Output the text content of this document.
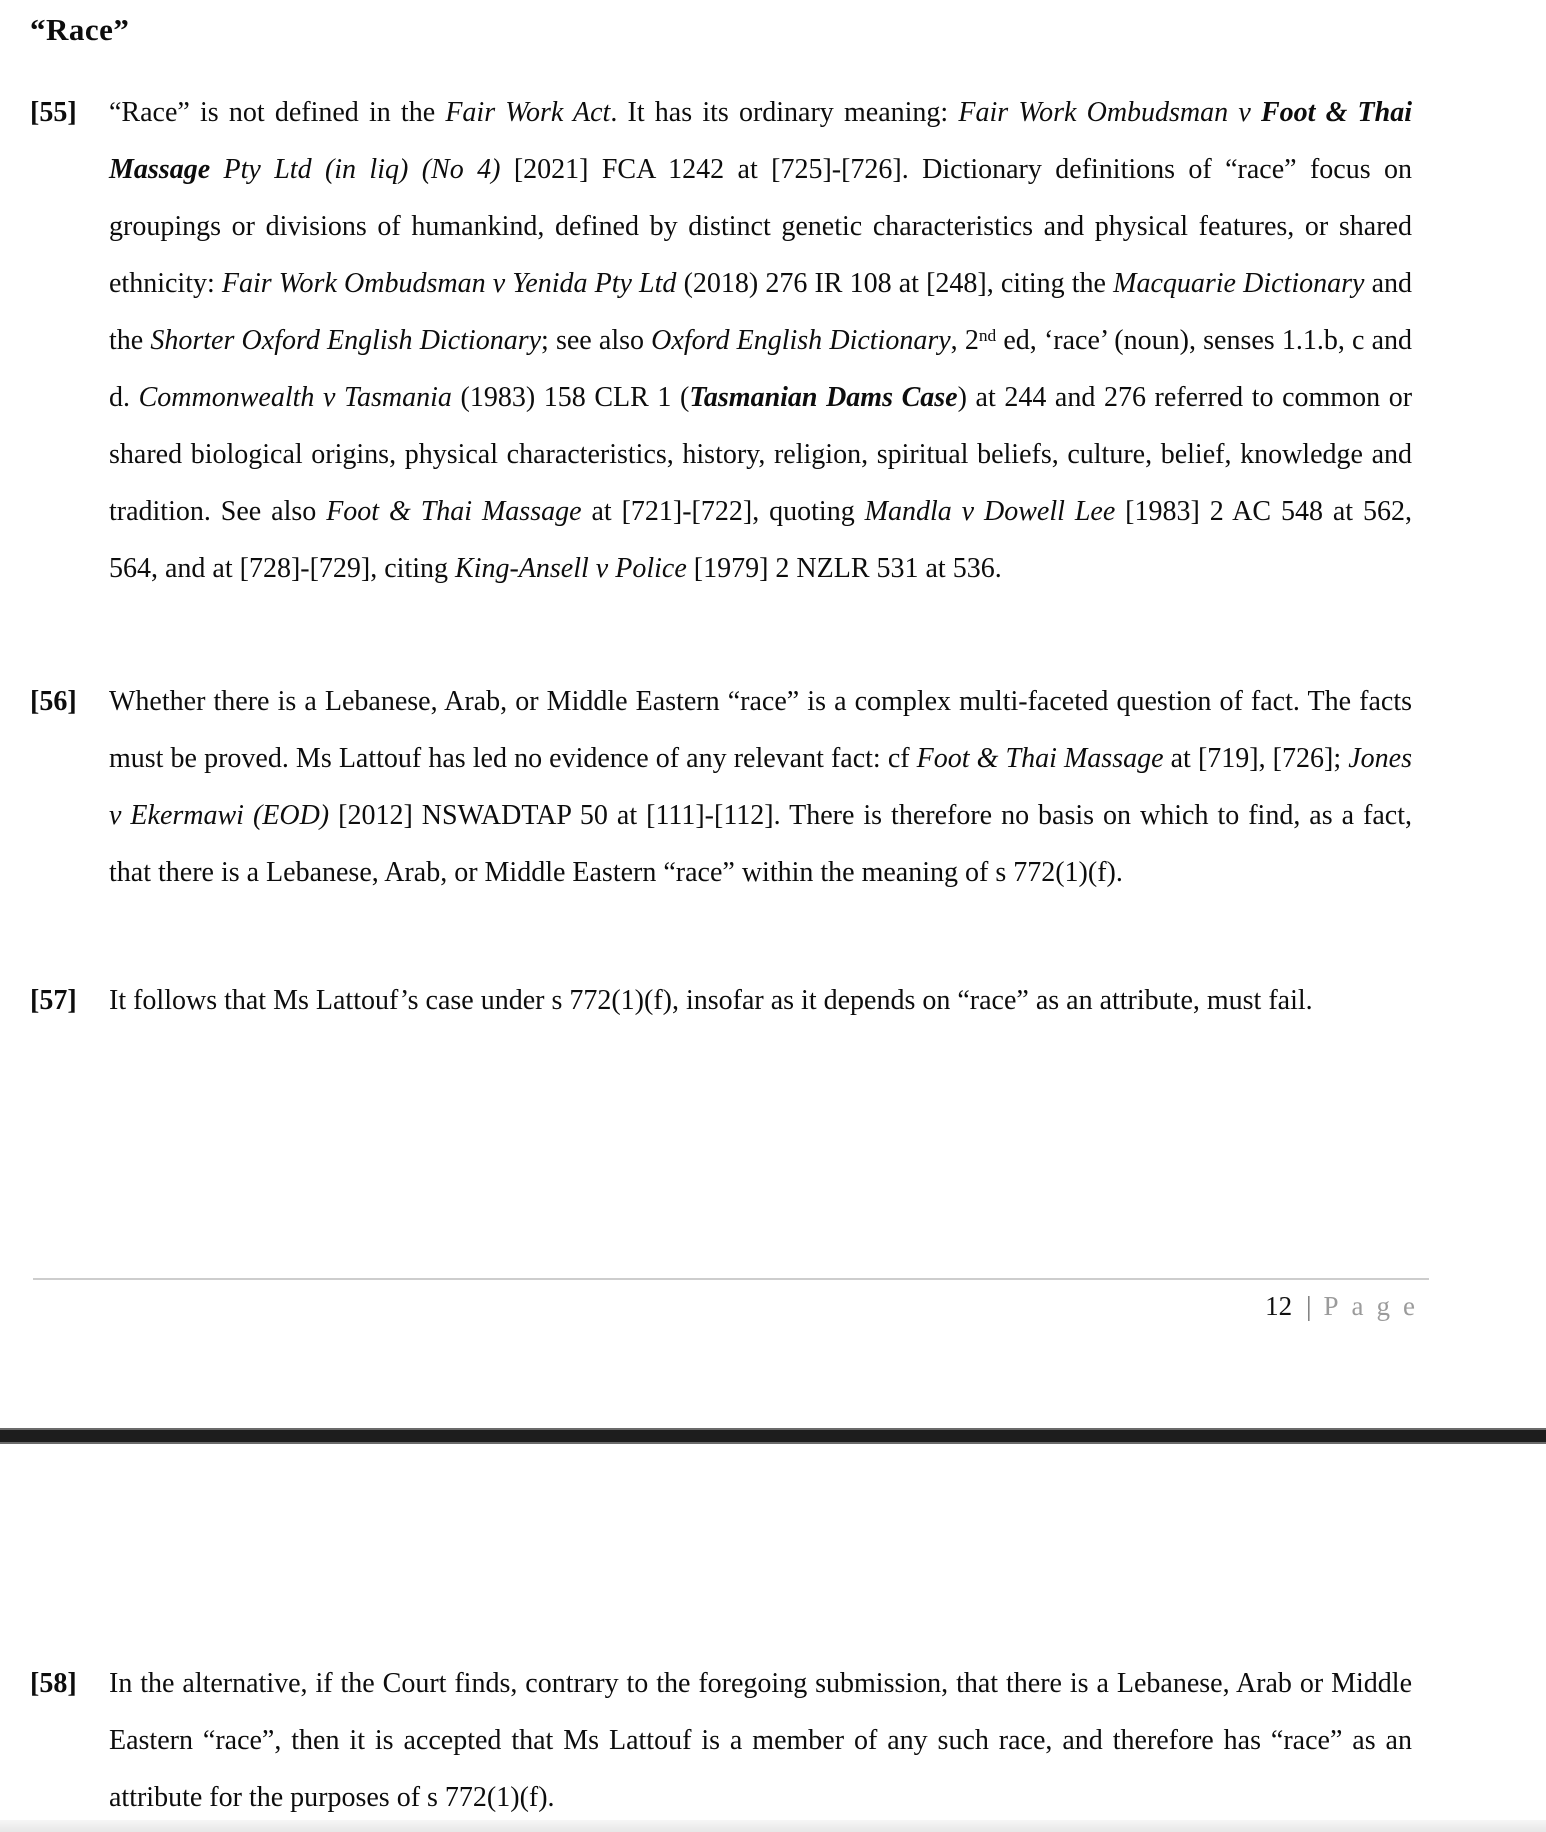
“Race”
[55]	“Race” is not defined in the Fair Work Act. It has its ordinary meaning: Fair Work Ombudsman v Foot & Thai Massage Pty Ltd (in liq) (No 4) [2021] FCA 1242 at [725]-[726]. Dictionary definitions of “race” focus on groupings or divisions of humankind, defined by distinct genetic characteristics and physical features, or shared ethnicity: Fair Work Ombudsman v Yenida Pty Ltd (2018) 276 IR 108 at [248], citing the Macquarie Dictionary and the Shorter Oxford English Dictionary; see also Oxford English Dictionary, 2nd ed, ‘race’ (noun), senses 1.1.b, c and d. Commonwealth v Tasmania (1983) 158 CLR 1 (Tasmanian Dams Case) at 244 and 276 referred to common or shared biological origins, physical characteristics, history, religion, spiritual beliefs, culture, belief, knowledge and tradition. See also Foot & Thai Massage at [721]-[722], quoting Mandla v Dowell Lee [1983] 2 AC 548 at 562, 564, and at [728]-[729], citing King-Ansell v Police [1979] 2 NZLR 531 at 536.
[56]	Whether there is a Lebanese, Arab, or Middle Eastern “race” is a complex multi-faceted question of fact. The facts must be proved. Ms Lattouf has led no evidence of any relevant fact: cf Foot & Thai Massage at [719], [726]; Jones v Ekermawi (EOD) [2012] NSWADTAP 50 at [111]-[112]. There is therefore no basis on which to find, as a fact, that there is a Lebanese, Arab, or Middle Eastern “race” within the meaning of s 772(1)(f).
[57]	It follows that Ms Lattouf’s case under s 772(1)(f), insofar as it depends on “race” as an attribute, must fail.
12 | Page
[58]	In the alternative, if the Court finds, contrary to the foregoing submission, that there is a Lebanese, Arab or Middle Eastern “race”, then it is accepted that Ms Lattouf is a member of any such race, and therefore has “race” as an attribute for the purposes of s 772(1)(f).
